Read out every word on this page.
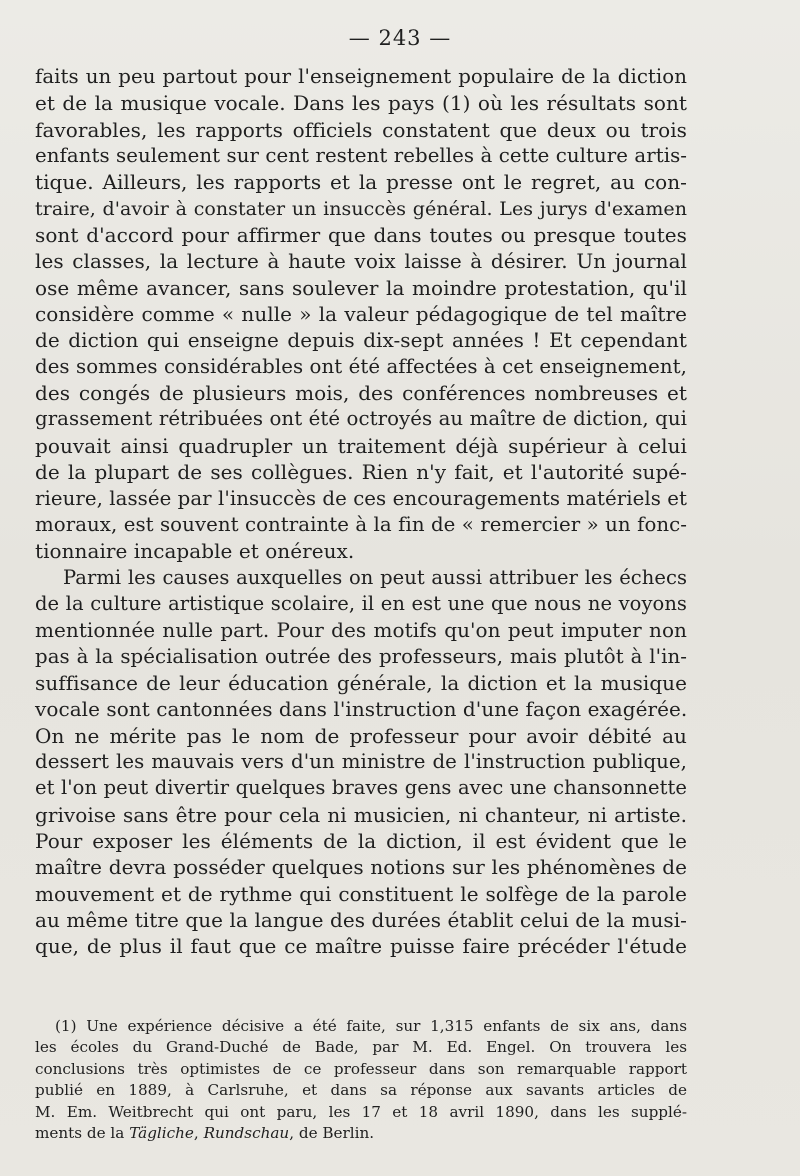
— 243 —
faits un peu partout pour l'enseignement populaire de la diction
et de la musique vocale. Dans les pays (1) où les résultats sont
favorables, les rapports officiels constatent que deux ou trois
enfants seulement sur cent restent rebelles à cette culture artis-
tique. Ailleurs, les rapports et la presse ont le regret, au con-
traire, d'avoir à constater un insuccès général. Les jurys d'examen
sont d'accord pour affirmer que dans toutes ou presque toutes
les classes, la lecture à haute voix laisse à désirer. Un journal
ose même avancer, sans soulever la moindre protestation, qu'il
considère comme « nulle » la valeur pédagogique de tel maître
de diction qui enseigne depuis dix-sept années ! Et cependant
des sommes considérables ont été affectées à cet enseignement,
des congés de plusieurs mois, des conférences nombreuses et
grassement rétribuées ont été octroyés au maître de diction, qui
pouvait ainsi quadrupler un traitement déjà supérieur à celui
de la plupart de ses collègues. Rien n'y fait, et l'autorité supé-
rieure, lassée par l'insuccès de ces encouragements matériels et
moraux, est souvent contrainte à la fin de « remercier » un fonc-
tionnaire incapable et onéreux.
Parmi les causes auxquelles on peut aussi attribuer les échecs
de la culture artistique scolaire, il en est une que nous ne voyons
mentionnée nulle part. Pour des motifs qu'on peut imputer non
pas à la spécialisation outrée des professeurs, mais plutôt à l'in-
suffisance de leur éducation générale, la diction et la musique
vocale sont cantonnées dans l'instruction d'une façon exagérée.
On ne mérite pas le nom de professeur pour avoir débité au
dessert les mauvais vers d'un ministre de l'instruction publique,
et l'on peut divertir quelques braves gens avec une chansonnette
grivoise sans être pour cela ni musicien, ni chanteur, ni artiste.
Pour exposer les éléments de la diction, il est évident que le
maître devra posséder quelques notions sur les phénomènes de
mouvement et de rythme qui constituent le solfège de la parole
au même titre que la langue des durées établit celui de la musi-
que, de plus il faut que ce maître puisse faire précéder l'étude
(1) Une expérience décisive a été faite, sur 1,315 enfants de six ans, dans
les écoles du Grand-Duché de Bade, par M. Ed. Engel. On trouvera les
conclusions très optimistes de ce professeur dans son remarquable rapport
publié en 1889, à Carlsruhe, et dans sa réponse aux savants articles de
M. Em. Weitbrecht qui ont paru, les 17 et 18 avril 1890, dans les supplé-
ments de la Tägliche, Rundschau, de Berlin.
